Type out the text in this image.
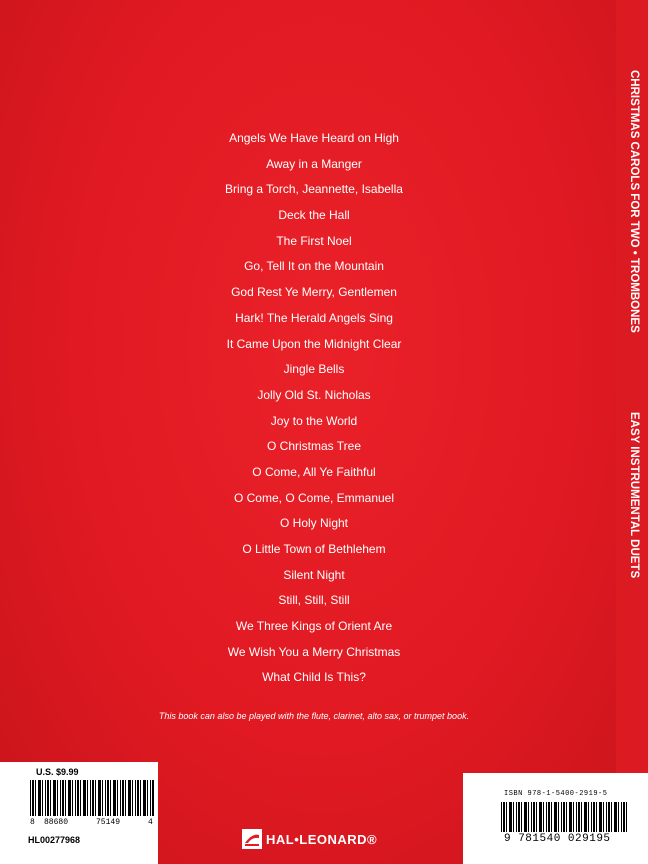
CHRISTMAS CAROLS FOR TWO • TROMBONES
EASY INSTRUMENTAL DUETS
Angels We Have Heard on High
Away in a Manger
Bring a Torch, Jeannette, Isabella
Deck the Hall
The First Noel
Go, Tell It on the Mountain
God Rest Ye Merry, Gentlemen
Hark! The Herald Angels Sing
It Came Upon the Midnight Clear
Jingle Bells
Jolly Old St. Nicholas
Joy to the World
O Christmas Tree
O Come, All Ye Faithful
O Come, O Come, Emmanuel
O Holy Night
O Little Town of Bethlehem
Silent Night
Still, Still, Still
We Three Kings of Orient Are
We Wish You a Merry Christmas
What Child Is This?
This book can also be played with the flute, clarinet, alto sax, or trumpet book.
U.S. $9.99
8 88680	75149	4
HL00277968
ISBN 978-1-5400-2919-5
9 781540 029195
HAL•LEONARD®
